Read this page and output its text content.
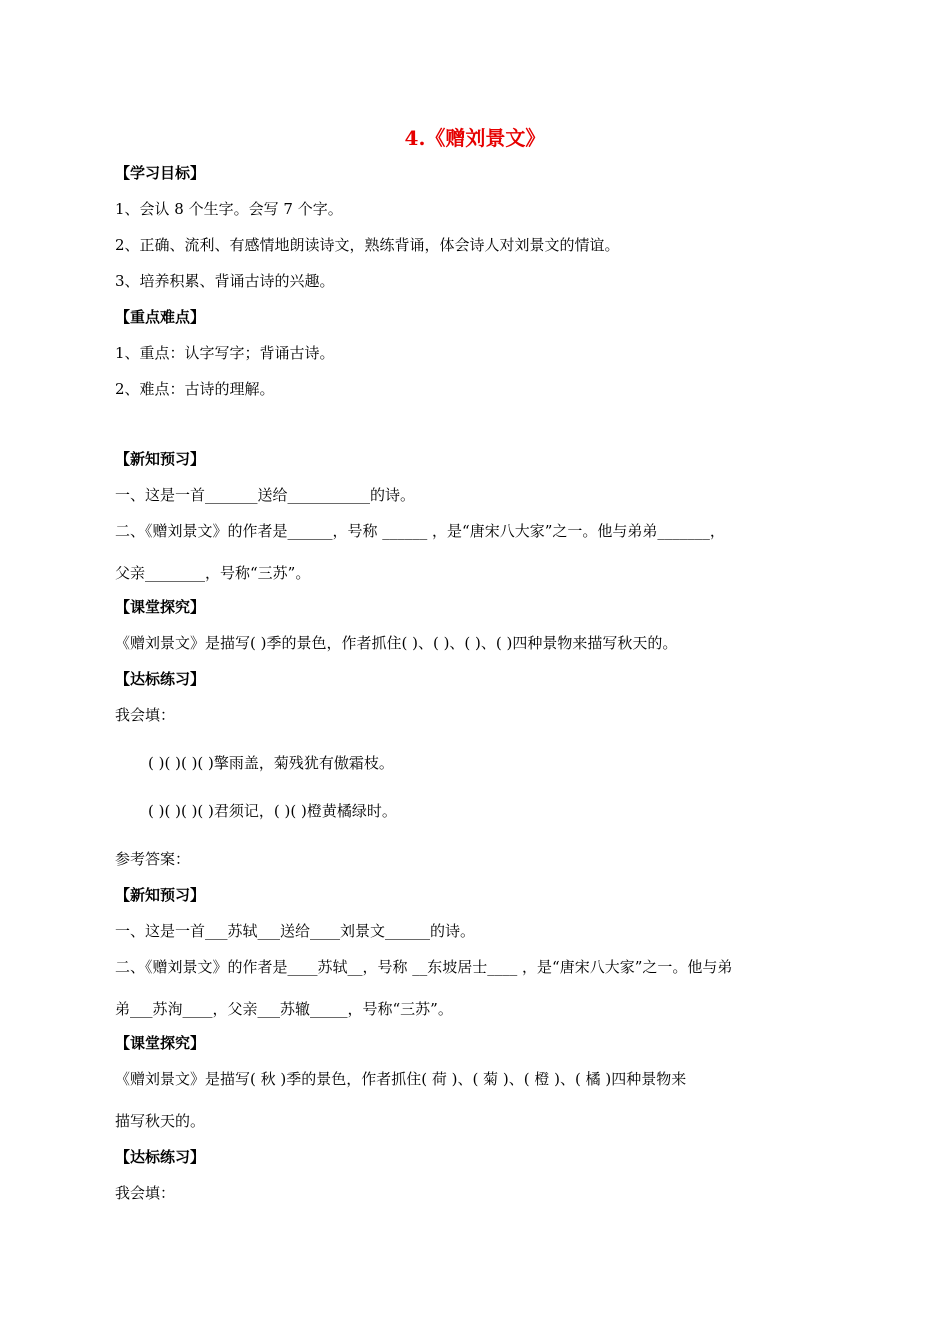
4.《赠刘景文》
【学习目标】
1、会认 8 个生字。会写 7 个字。
2、正确、流利、有感情地朗读诗文，熟练背诵，体会诗人对刘景文的情谊。
3、培养积累、背诵古诗的兴趣。
【重点难点】
1、重点：认字写字；背诵古诗。
2、难点：古诗的理解。
【新知预习】
一、这是一首_______送给___________的诗。
二、《赠刘景文》的作者是______，号称 ______ ，是“唐宋八大家”之一。他与弟弟_______，
父亲________，号称“三苏”。
【课堂探究】
《赠刘景文》是描写( )季的景色，作者抓住( )、( )、( )、( )四种景物来描写秋天的。
【达标练习】
我会填：
( )( )( )( )擎雨盖，菊残犹有傲霜枝。
( )( )( )( )君须记，( )( )橙黄橘绿时。
参考答案：
【新知预习】
一、这是一首___苏轼___送给____刘景文______的诗。
二、《赠刘景文》的作者是____苏轼__，号称 __东坡居士____ ，是“唐宋八大家”之一。他与弟
弟___苏洵____，父亲___苏辙_____，号称“三苏”。
【课堂探究】
《赠刘景文》是描写( 秋 )季的景色，作者抓住( 荷 )、( 菊 )、( 橙 )、( 橘 )四种景物来
描写秋天的。
【达标练习】
我会填：
